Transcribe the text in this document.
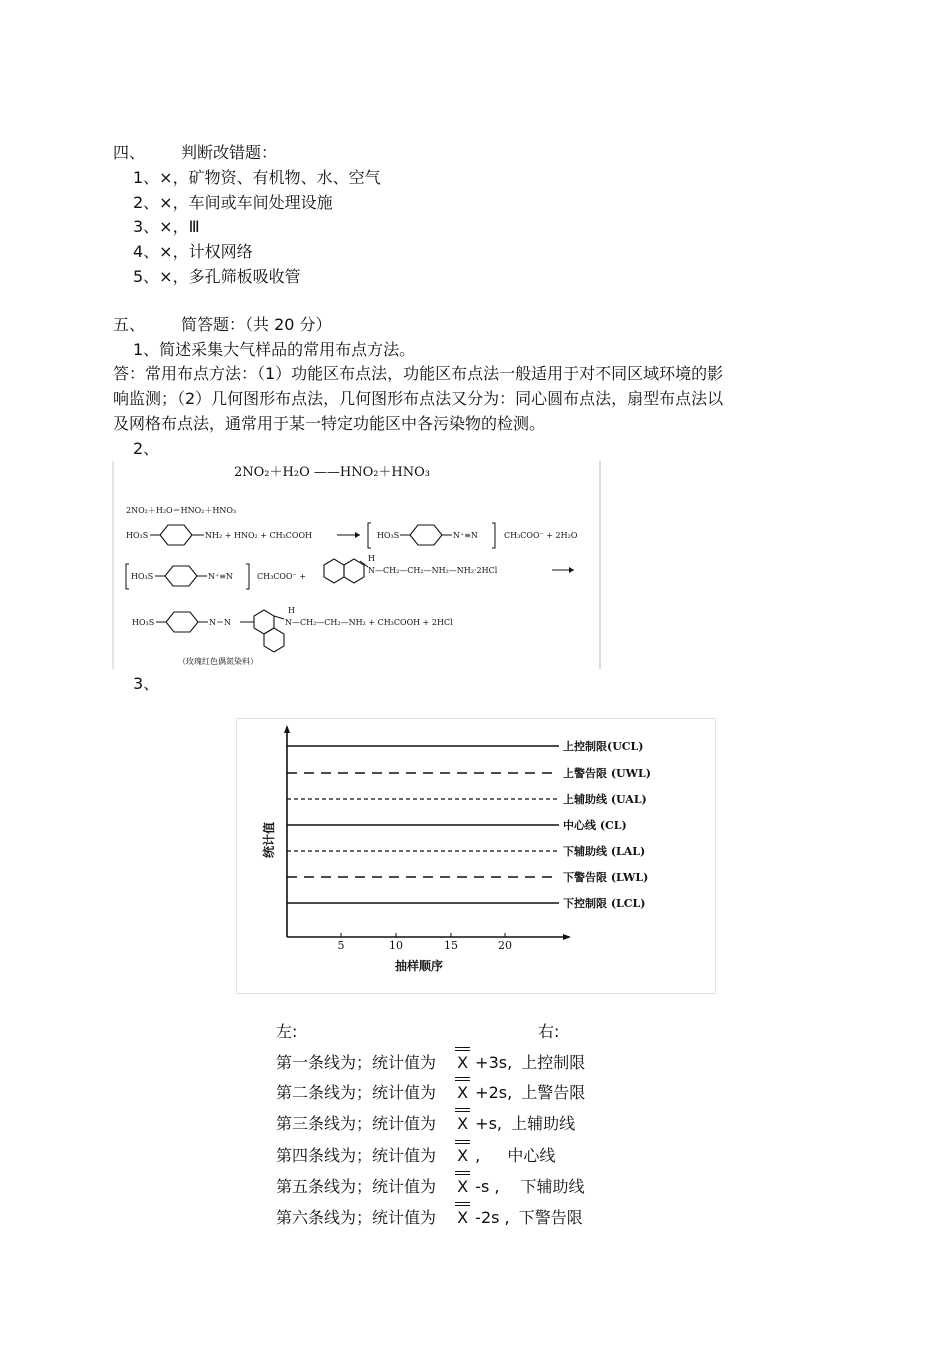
四、 判断改错题：
1、×，矿物资、有机物、水、空气
2、×，车间或车间处理设施
3、×，Ⅲ
4、×，计权网络
5、×，多孔筛板吸收管
五、 简答题：（共 20 分）
1、简述采集大气样品的常用布点方法。
答：常用布点方法：（1）功能区布点法，功能区布点法一般适用于对不同区域环境的影
响监测；（2）几何图形布点法，几何图形布点法又分为：同心圆布点法，扇型布点法以
及网格布点法，通常用于某一特定功能区中各污染物的检测。
2、
2NO₂＋H₂O ——HNO₂＋HNO₃
2NO₂＋H₂O＝HNO₂＋HNO₃
HO₃S	NH₂ + HNO₂ + CH₃COOH	HO₃S	N⁺≡N	CH₃COO⁻ + 2H₂O
HO₃S	N⁺≡N	CH₃COO⁻ +
H
N—CH₂—CH₂—NH₂—NH₂·2HCl
HO₃S	N＝N
H
N—CH₂—CH₂—NH₂ + CH₃COOH + 2HCl
（玫瑰红色偶氮染料）
3、
5	10	15	20
抽样顺序
统计值
上控制限(UCL)
上警告限 (UWL)
上辅助线 (UAL)
中心线 (CL)
下辅助线 (LAL)
下警告限 (LWL)
下控制限 (LCL)
左:	右:
第一条线为；统计值为 X +3s, 上控制限
第二条线为；统计值为 X +2s, 上警告限
第三条线为；统计值为 X +s, 上辅助线
第四条线为；统计值为 X , 中心线
第五条线为；统计值为 X -s , 下辅助线
第六条线为；统计值为 X -2s , 下警告限
